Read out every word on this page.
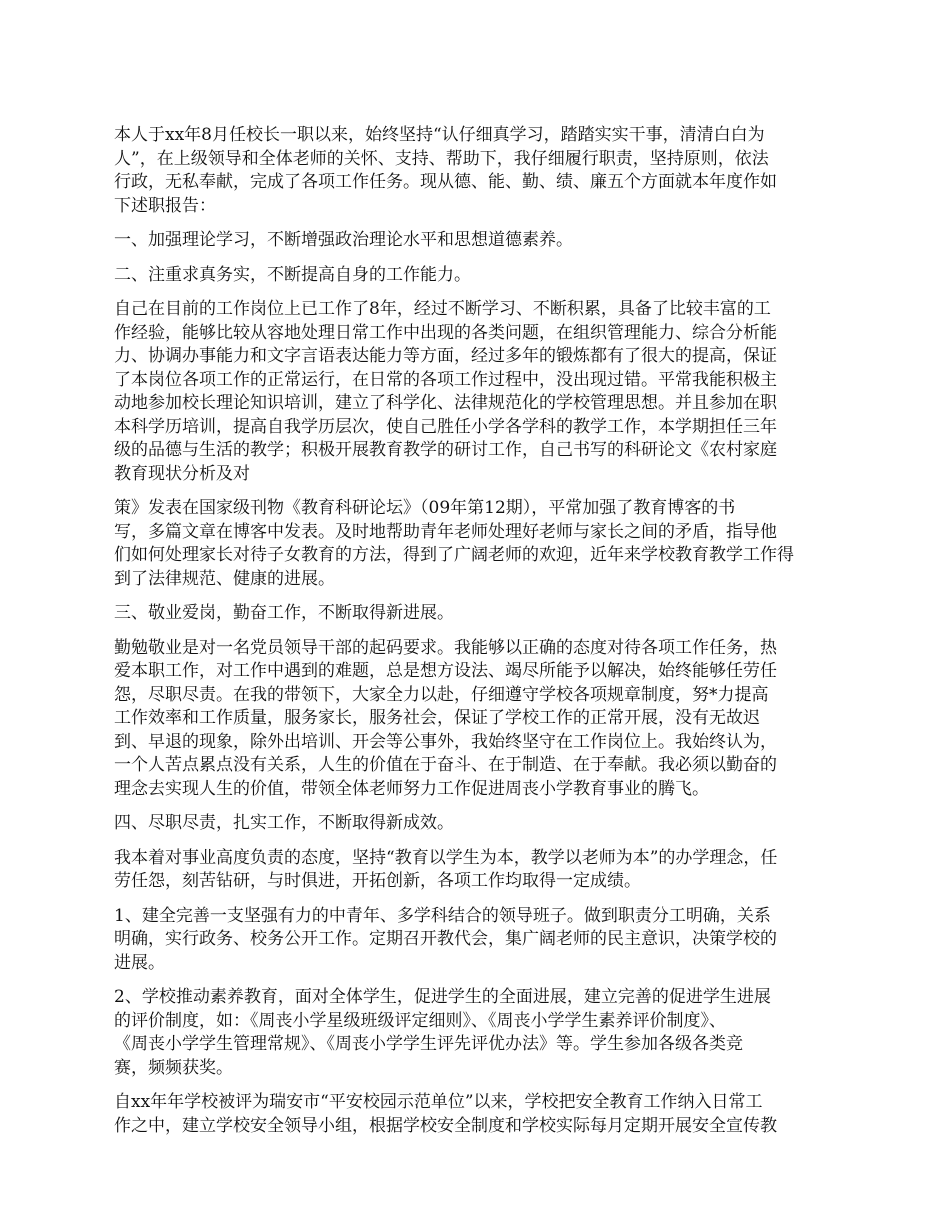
本人于xx年8月任校长一职以来，始终坚持“认仔细真学习，踏踏实实干事，清清白白为
人”，在上级领导和全体老师的关怀、支持、帮助下，我仔细履行职责，坚持原则，依法
行政，无私奉献，完成了各项工作任务。现从德、能、勤、绩、廉五个方面就本年度作如
下述职报告：
一、加强理论学习，不断增强政治理论水平和思想道德素养。
二、注重求真务实，不断提高自身的工作能力。
自己在目前的工作岗位上已工作了8年，经过不断学习、不断积累，具备了比较丰富的工
作经验，能够比较从容地处理日常工作中出现的各类问题，在组织管理能力、综合分析能
力、协调办事能力和文字言语表达能力等方面，经过多年的锻炼都有了很大的提高，保证
了本岗位各项工作的正常运行，在日常的各项工作过程中，没出现过错。平常我能积极主
动地参加校长理论知识培训，建立了科学化、法律规范化的学校管理思想。并且参加在职
本科学历培训，提高自我学历层次，使自己胜任小学各学科的教学工作，本学期担任三年
级的品德与生活的教学；积极开展教育教学的研讨工作，自己书写的科研论文《农村家庭
教育现状分析及对
策》发表在国家级刊物《教育科研论坛》（09年第12期），平常加强了教育博客的书
写，多篇文章在博客中发表。及时地帮助青年老师处理好老师与家长之间的矛盾，指导他
们如何处理家长对待子女教育的方法，得到了广阔老师的欢迎，近年来学校教育教学工作得
到了法律规范、健康的进展。
三、敬业爱岗，勤奋工作，不断取得新进展。
勤勉敬业是对一名党员领导干部的起码要求。我能够以正确的态度对待各项工作任务，热
爱本职工作，对工作中遇到的难题，总是想方设法、竭尽所能予以解决，始终能够任劳任
怨，尽职尽责。在我的带领下，大家全力以赴，仔细遵守学校各项规章制度，努*力提高
工作效率和工作质量，服务家长，服务社会，保证了学校工作的正常开展，没有无故迟
到、早退的现象，除外出培训、开会等公事外，我始终坚守在工作岗位上。我始终认为，
一个人苦点累点没有关系，人生的价值在于奋斗、在于制造、在于奉献。我必须以勤奋的
理念去实现人生的价值，带领全体老师努力工作促进周丧小学教育事业的腾飞。
四、尽职尽责，扎实工作，不断取得新成效。
我本着对事业高度负责的态度，坚持“教育以学生为本，教学以老师为本”的办学理念，任
劳任怨，刻苦钻研，与时俱进，开拓创新，各项工作均取得一定成绩。
1、建全完善一支坚强有力的中青年、多学科结合的领导班子。做到职责分工明确，关系
明确，实行政务、校务公开工作。定期召开教代会，集广阔老师的民主意识，决策学校的
进展。
2、学校推动素养教育，面对全体学生，促进学生的全面进展，建立完善的促进学生进展
的评价制度，如：《周丧小学星级班级评定细则》、《周丧小学学生素养评价制度》、
《周丧小学学生管理常规》、《周丧小学学生评先评优办法》等。学生参加各级各类竞
赛，频频获奖。
自xx年年学校被评为瑞安市“平安校园示范单位”以来，学校把安全教育工作纳入日常工
作之中，建立学校安全领导小组，根据学校安全制度和学校实际每月定期开展安全宣传教
